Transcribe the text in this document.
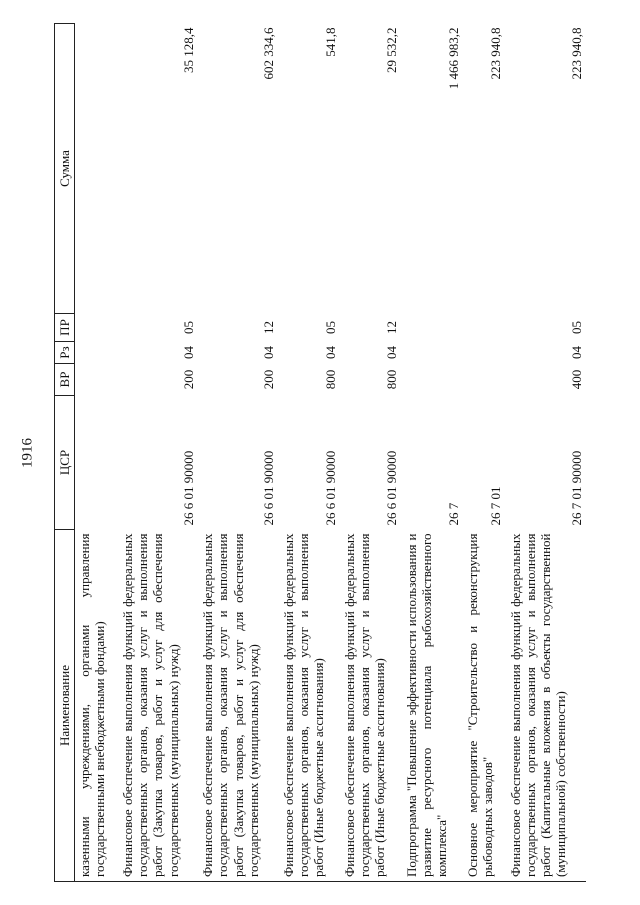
1916
Наименование	ЦСР	ВР	Рз	ПР	Сумма
казенными учреждениями, органами управления государственными внебюджетными фондами)					
Финансовое обеспечение выполнения функций федеральных государственных органов, оказания услуг и выполнения работ (Закупка товаров, работ и услуг для обеспечения государственных (муниципальных) нужд)	26 6 01 90000	200	04	05	35 128,4
Финансовое обеспечение выполнения функций федеральных государственных органов, оказания услуг и выполнения работ (Закупка товаров, работ и услуг для обеспечения государственных (муниципальных) нужд)	26 6 01 90000	200	04	12	602 334,6
Финансовое обеспечение выполнения функций федеральных государственных органов, оказания услуг и выполнения работ (Иные бюджетные ассигнования)	26 6 01 90000	800	04	05	541,8
Финансовое обеспечение выполнения функций федеральных государственных органов, оказания услуг и выполнения работ (Иные бюджетные ассигнования)	26 6 01 90000	800	04	12	29 532,2
Подпрограмма "Повышение эффективности использования и развитие ресурсного потенциала рыбохозяйственного комплекса"	26 7				1 466 983,2
Основное мероприятие "Строительство и реконструкция рыбоводных заводов"	26 7 01				223 940,8
Финансовое обеспечение выполнения функций федеральных государственных органов, оказания услуг и выполнения работ (Капитальные вложения в объекты государственной (муниципальной) собственности)	26 7 01 90000	400	04	05	223 940,8
